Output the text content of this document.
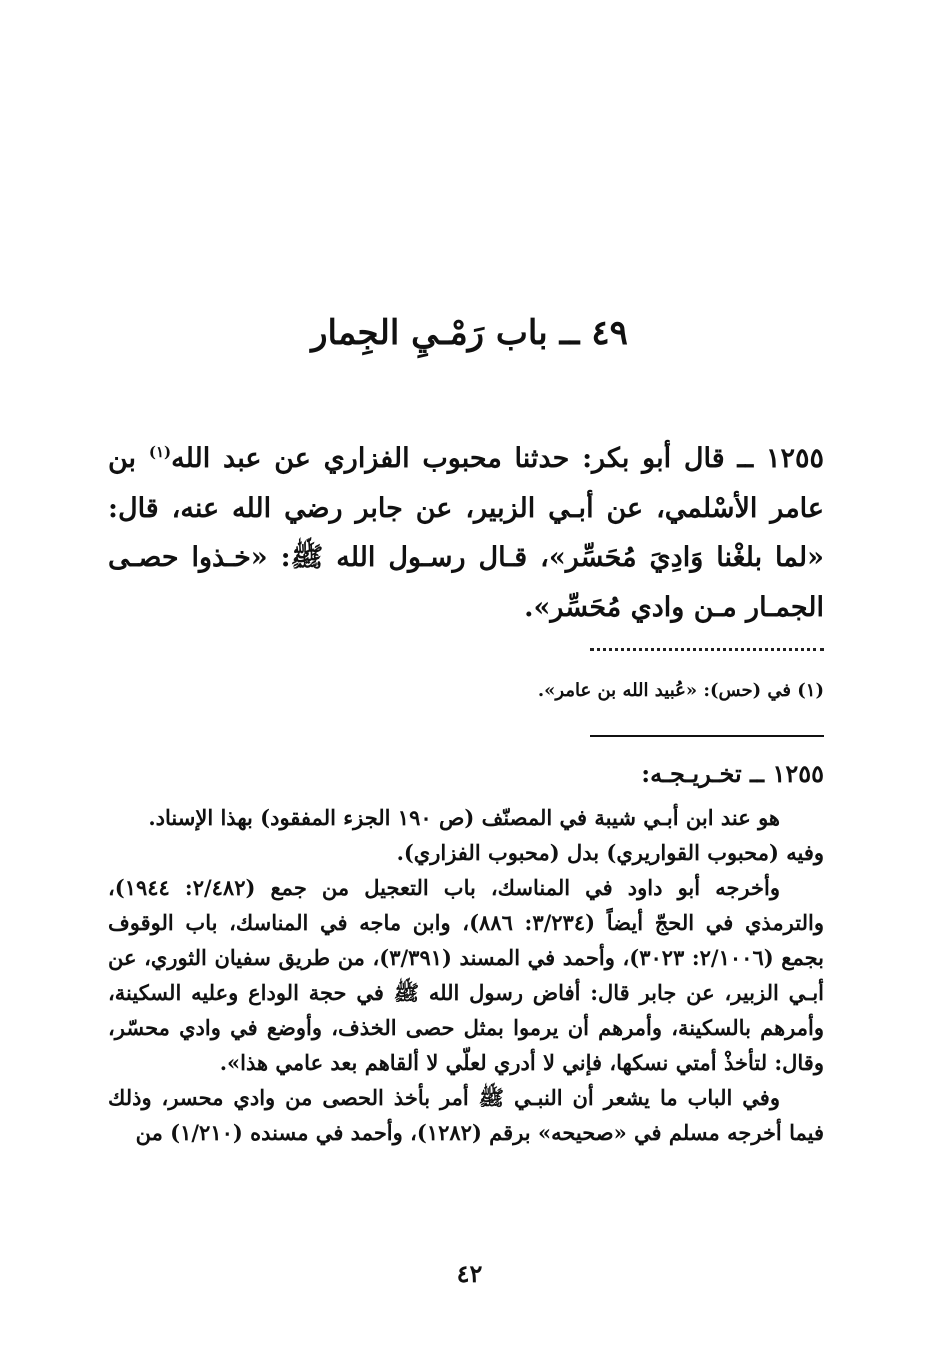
٤٩ ــ باب رَمْـيِ الجِمار

١٢٥٥ ــ قال أبو بكر: حدثنا محبوب الفزاري عن عبد الله$^{(١)}$ بن عامر الأسْلمي، عن أبـي الزبير، عن جابر رضي الله عنه، قال: «لما بلغْنا وَادِيَ مُحَسِّر»، قـال رسـول الله ﷺ: «خـذوا حصـى الجمـار مـن وادي مُحَسِّر».

(١) في (حس): «عُبيد الله بن عامر».

١٢٥٥ ــ تخـريـجـه:

هو عند ابن أبـي شيبة في المصنّف (ص ١٩٠ الجزء المفقود) بهذا الإسناد.

وفيه (محبوب القواريري) بدل (محبوب الفزاري).

وأخرجه أبو داود في المناسك، باب التعجيل من جمع (٢/٤٨٢: ١٩٤٤)، والترمذي في الحجّ أيضاً (٣/٢٣٤: ٨٨٦)، وابن ماجه في المناسك، باب الوقوف بجمع (٢/١٠٠٦: ٣٠٢٣)، وأحمد في المسند (٣/٣٩١)، من طريق سفيان الثوري، عن أبـي الزبير، عن جابر قال: أفاض رسول الله ﷺ في حجة الوداع وعليه السكينة، وأمرهم بالسكينة، وأمرهم أن يرموا بمثل حصى الخذف، وأوضع في وادي محسّر، وقال: لتأخذْ أمتي نسكها، فإني لا أدري لعلّي لا ألقاهم بعد عامي هذا».

وفي الباب ما يشعر أن النبـي ﷺ أمر بأخذ الحصى من وادي محسر، وذلك فيما أخرجه مسلم في «صحيحه» برقم (١٢٨٢)، وأحمد في مسنده (١/٢١٠) من

٤٢
